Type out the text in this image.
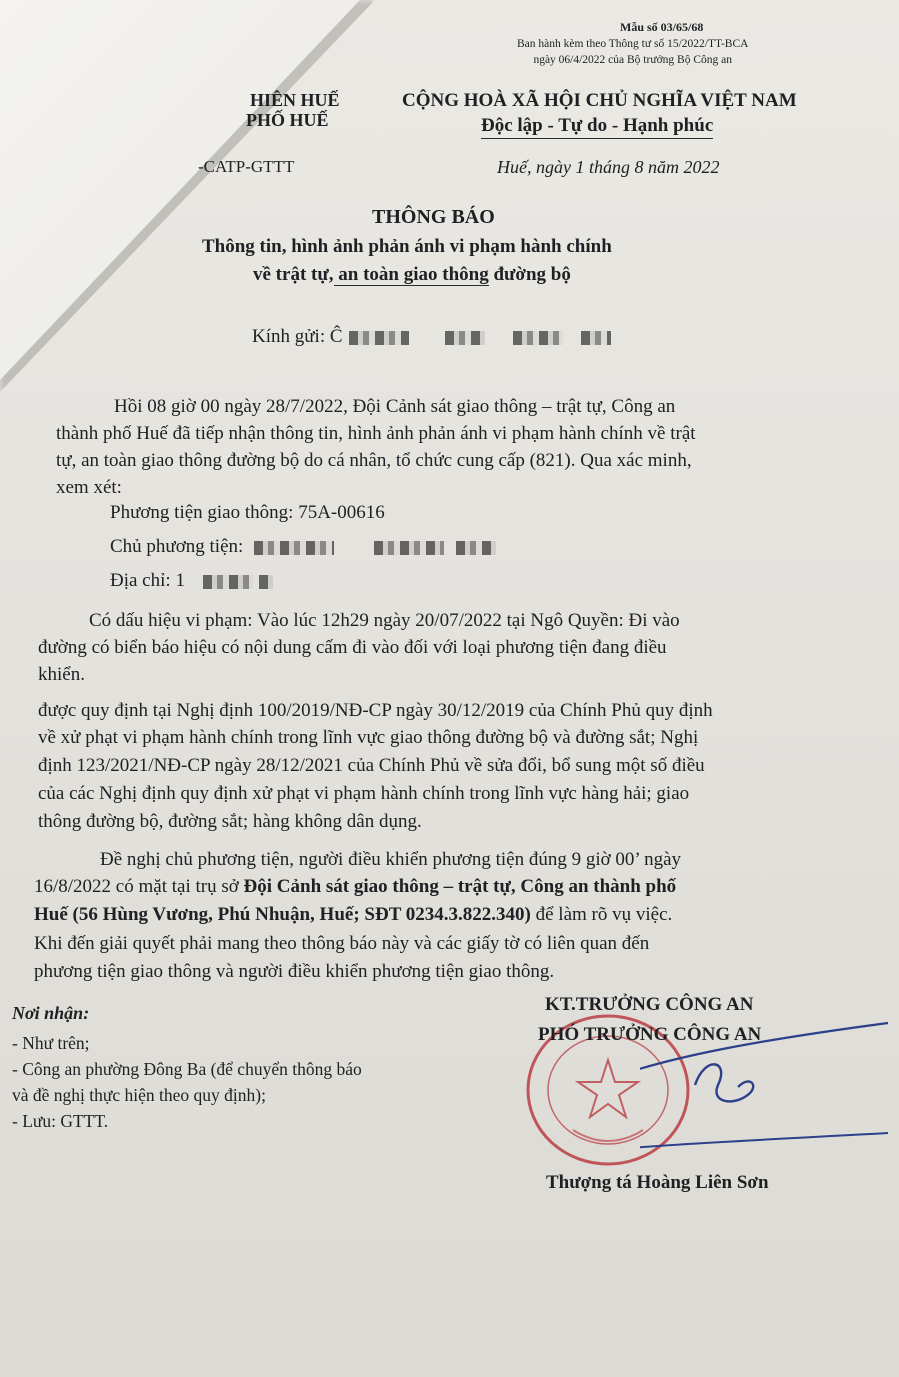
Mẫu số 03/65/68
Ban hành kèm theo Thông tư số 15/2022/TT-BCA
ngày 06/4/2022 của Bộ trưởng Bộ Công an
HIÊN HUẾ
PHỐ HUẾ
-CATP-GTTT
CỘNG HOÀ XÃ HỘI CHỦ NGHĨA VIỆT NAM
Độc lập - Tự do - Hạnh phúc
Huế, ngày 1 tháng 8 năm 2022
THÔNG BÁO
Thông tin, hình ảnh phản ánh vi phạm hành chính
về trật tự, an toàn giao thông đường bộ
Kính gửi: Ĉ
Hồi 08 giờ 00 ngày 28/7/2022, Đội Cảnh sát giao thông – trật tự, Công an
thành phố Huế đã tiếp nhận thông tin, hình ảnh phản ánh vi phạm hành chính về trật
tự, an toàn giao thông đường bộ do cá nhân, tổ chức cung cấp (821). Qua xác minh,
xem xét:
Phương tiện giao thông: 75A-00616
Chủ phương tiện:
Địa chỉ: 1
Có dấu hiệu vi phạm: Vào lúc 12h29 ngày 20/07/2022 tại Ngô Quyền: Đi vào
đường có biển báo hiệu có nội dung cấm đi vào đối với loại phương tiện đang điều
khiển.
được quy định tại Nghị định 100/2019/NĐ-CP ngày 30/12/2019 của Chính Phủ quy định
về xử phạt vi phạm hành chính trong lĩnh vực giao thông đường bộ và đường sắt; Nghị
định 123/2021/NĐ-CP ngày 28/12/2021 của Chính Phủ về sửa đổi, bổ sung một số điều
của các Nghị định quy định xử phạt vi phạm hành chính trong lĩnh vực hàng hải; giao
thông đường bộ, đường sắt; hàng không dân dụng.
Đề nghị chủ phương tiện, người điều khiển phương tiện đúng 9 giờ 00’ ngày
16/8/2022 có mặt tại trụ sở Đội Cảnh sát giao thông – trật tự, Công an thành phố
Huế (56 Hùng Vương, Phú Nhuận, Huế; SĐT 0234.3.822.340) để làm rõ vụ việc.
Khi đến giải quyết phải mang theo thông báo này và các giấy tờ có liên quan đến
phương tiện giao thông và người điều khiển phương tiện giao thông.
Nơi nhận:
- Như trên;
- Công an phường Đông Ba (để chuyển thông báo
và đề nghị thực hiện theo quy định);
- Lưu: GTTT.
KT.TRƯỞNG CÔNG AN
PHÓ TRƯỞNG CÔNG AN
Thượng tá Hoàng Liên Sơn
